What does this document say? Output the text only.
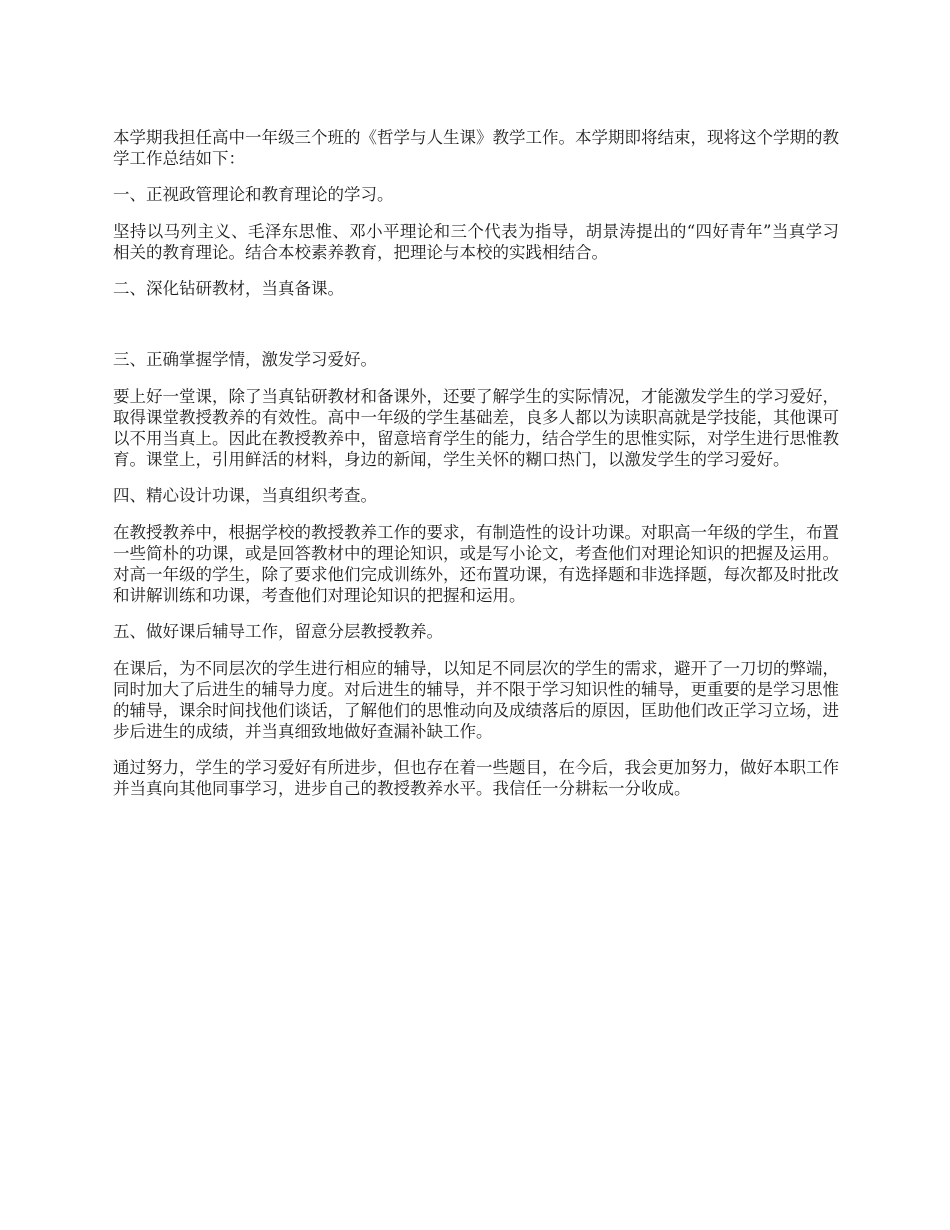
本学期我担任高中一年级三个班的《哲学与人生课》教学工作。本学期即将结束，现将这个学期的教学工作总结如下：

一、正视政管理论和教育理论的学习。

坚持以马列主义、毛泽东思惟、邓小平理论和三个代表为指导，胡景涛提出的“四好青年”当真学习相关的教育理论。结合本校素养教育，把理论与本校的实践相结合。

二、深化钻研教材，当真备课。

三、正确掌握学情，激发学习爱好。

要上好一堂课，除了当真钻研教材和备课外，还要了解学生的实际情况，才能激发学生的学习爱好，取得课堂教授教养的有效性。高中一年级的学生基础差，良多人都以为读职高就是学技能，其他课可以不用当真上。因此在教授教养中，留意培育学生的能力，结合学生的思惟实际，对学生进行思惟教育。课堂上，引用鲜活的材料，身边的新闻，学生关怀的糊口热门，以激发学生的学习爱好。

四、精心设计功课，当真组织考查。

在教授教养中，根据学校的教授教养工作的要求，有制造性的设计功课。对职高一年级的学生，布置一些简朴的功课，或是回答教材中的理论知识，或是写小论文，考查他们对理论知识的把握及运用。对高一年级的学生，除了要求他们完成训练外，还布置功课，有选择题和非选择题，每次都及时批改和讲解训练和功课，考查他们对理论知识的把握和运用。

五、做好课后辅导工作，留意分层教授教养。

在课后，为不同层次的学生进行相应的辅导，以知足不同层次的学生的需求，避开了一刀切的弊端，同时加大了后进生的辅导力度。对后进生的辅导，并不限于学习知识性的辅导，更重要的是学习思惟的辅导，课余时间找他们谈话，了解他们的思惟动向及成绩落后的原因，匡助他们改正学习立场，进步后进生的成绩，并当真细致地做好查漏补缺工作。

通过努力，学生的学习爱好有所进步，但也存在着一些题目，在今后，我会更加努力，做好本职工作并当真向其他同事学习，进步自己的教授教养水平。我信任一分耕耘一分收成。
